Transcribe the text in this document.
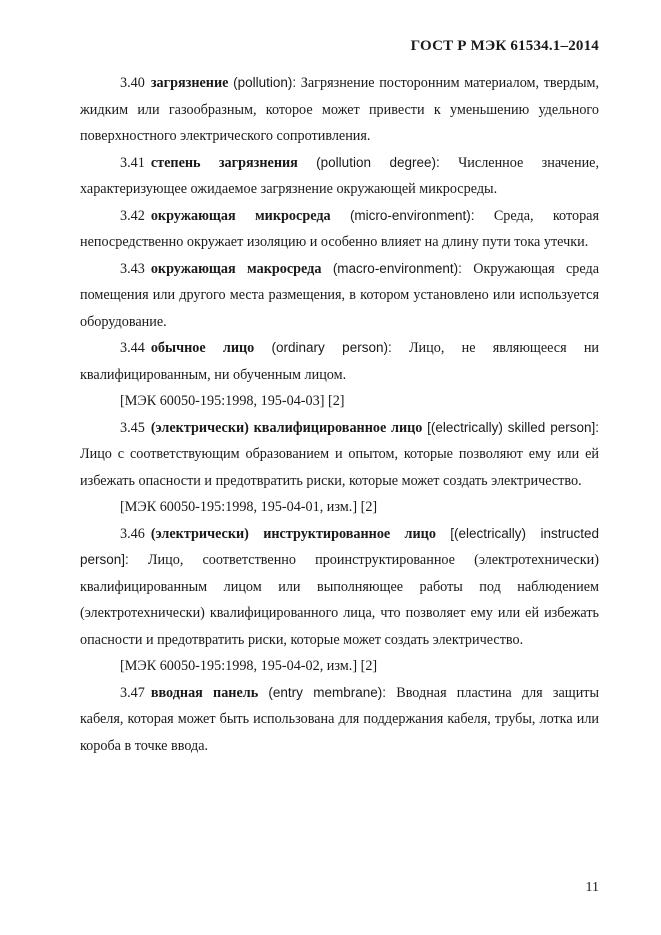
ГОСТ Р МЭК 61534.1–2014

3.40 загрязнение (pollution): Загрязнение посторонним материалом, твердым, жидким или газообразным, которое может привести к уменьшению удельного поверхностного электрического сопротивления.

3.41 степень загрязнения (pollution degree): Численное значение, характеризующее ожидаемое загрязнение окружающей микросреды.

3.42 окружающая микросреда (micro-environment): Среда, которая непосредственно окружает изоляцию и особенно влияет на длину пути тока утечки.

3.43 окружающая макросреда (macro-environment): Окружающая среда помещения или другого места размещения, в котором установлено или используется оборудование.

3.44 обычное лицо (ordinary person): Лицо, не являющееся ни квалифицированным, ни обученным лицом.

[МЭК 60050-195:1998, 195-04-03] [2]

3.45 (электрически) квалифицированное лицо [(electrically) skilled person]: Лицо с соответствующим образованием и опытом, которые позволяют ему или ей избежать опасности и предотвратить риски, которые может создать электричество.

[МЭК 60050-195:1998, 195-04-01, изм.] [2]

3.46 (электрически) инструктированное лицо [(electrically) instructed person]: Лицо, соответственно проинструктированное (электротехнически) квалифицированным лицом или выполняющее работы под наблюдением (электротехнически) квалифицированного лица, что позволяет ему или ей избежать опасности и предотвратить риски, которые может создать электричество.

[МЭК 60050-195:1998, 195-04-02, изм.] [2]

3.47 вводная панель (entry membrane): Вводная пластина для защиты кабеля, которая может быть использована для поддержания кабеля, трубы, лотка или короба в точке ввода.

11
